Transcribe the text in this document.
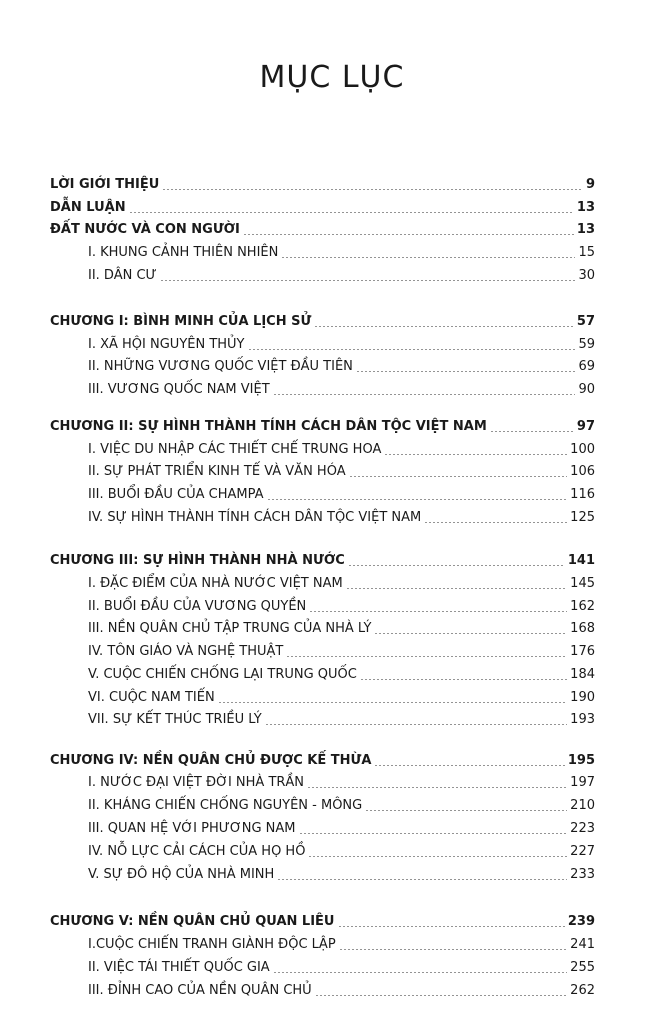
MỤC LỤC
LỜI GIỚI THIỆU	9
DẪN LUẬN	13
ĐẤT NƯỚC VÀ CON NGƯỜI	13
I. KHUNG CẢNH THIÊN NHIÊN	15
II. DÂN CƯ	30
CHƯƠNG I: BÌNH MINH CỦA LỊCH SỬ	57
I. XÃ HỘI NGUYÊN THỦY	59
II. NHỮNG VƯƠNG QUỐC VIỆT ĐẦU TIÊN	69
III. VƯƠNG QUỐC NAM VIỆT	90
CHƯƠNG II: SỰ HÌNH THÀNH TÍNH CÁCH DÂN TỘC VIỆT NAM	97
I. VIỆC DU NHẬP CÁC THIẾT CHẾ TRUNG HOA	100
II. SỰ PHÁT TRIỂN KINH TẾ VÀ VĂN HÓA	106
III. BUỔI ĐẦU CỦA CHAMPA	116
IV. SỰ HÌNH THÀNH TÍNH CÁCH DÂN TỘC VIỆT NAM	125
CHƯƠNG III: SỰ HÌNH THÀNH NHÀ NƯỚC	141
I. ĐẶC ĐIỂM CỦA NHÀ NƯỚC VIỆT NAM	145
II. BUỔI ĐẦU CỦA VƯƠNG QUYỀN	162
III. NỀN QUÂN CHỦ TẬP TRUNG CỦA NHÀ LÝ	168
IV. TÔN GIÁO VÀ NGHỆ THUẬT	176
V. CUỘC CHIẾN CHỐNG LẠI TRUNG QUỐC	184
VI. CUỘC NAM TIẾN	190
VII. SỰ KẾT THÚC TRIỀU LÝ	193
CHƯƠNG IV: NỀN QUÂN CHỦ ĐƯỢC KẾ THỪA	195
I. NƯỚC ĐẠI VIỆT ĐỜI NHÀ TRẦN	197
II. KHÁNG CHIẾN CHỐNG NGUYÊN - MÔNG	210
III. QUAN HỆ VỚI PHƯƠNG NAM	223
IV. NỖ LỰC CẢI CÁCH CỦA HỌ HỒ	227
V. SỰ ĐÔ HỘ CỦA NHÀ MINH	233
CHƯƠNG V: NỀN QUÂN CHỦ QUAN LIÊU	239
I.CUỘC CHIẾN TRANH GIÀNH ĐỘC LẬP	241
II. VIỆC TÁI THIẾT QUỐC GIA	255
III. ĐỈNH CAO CỦA NỀN QUÂN CHỦ	262
